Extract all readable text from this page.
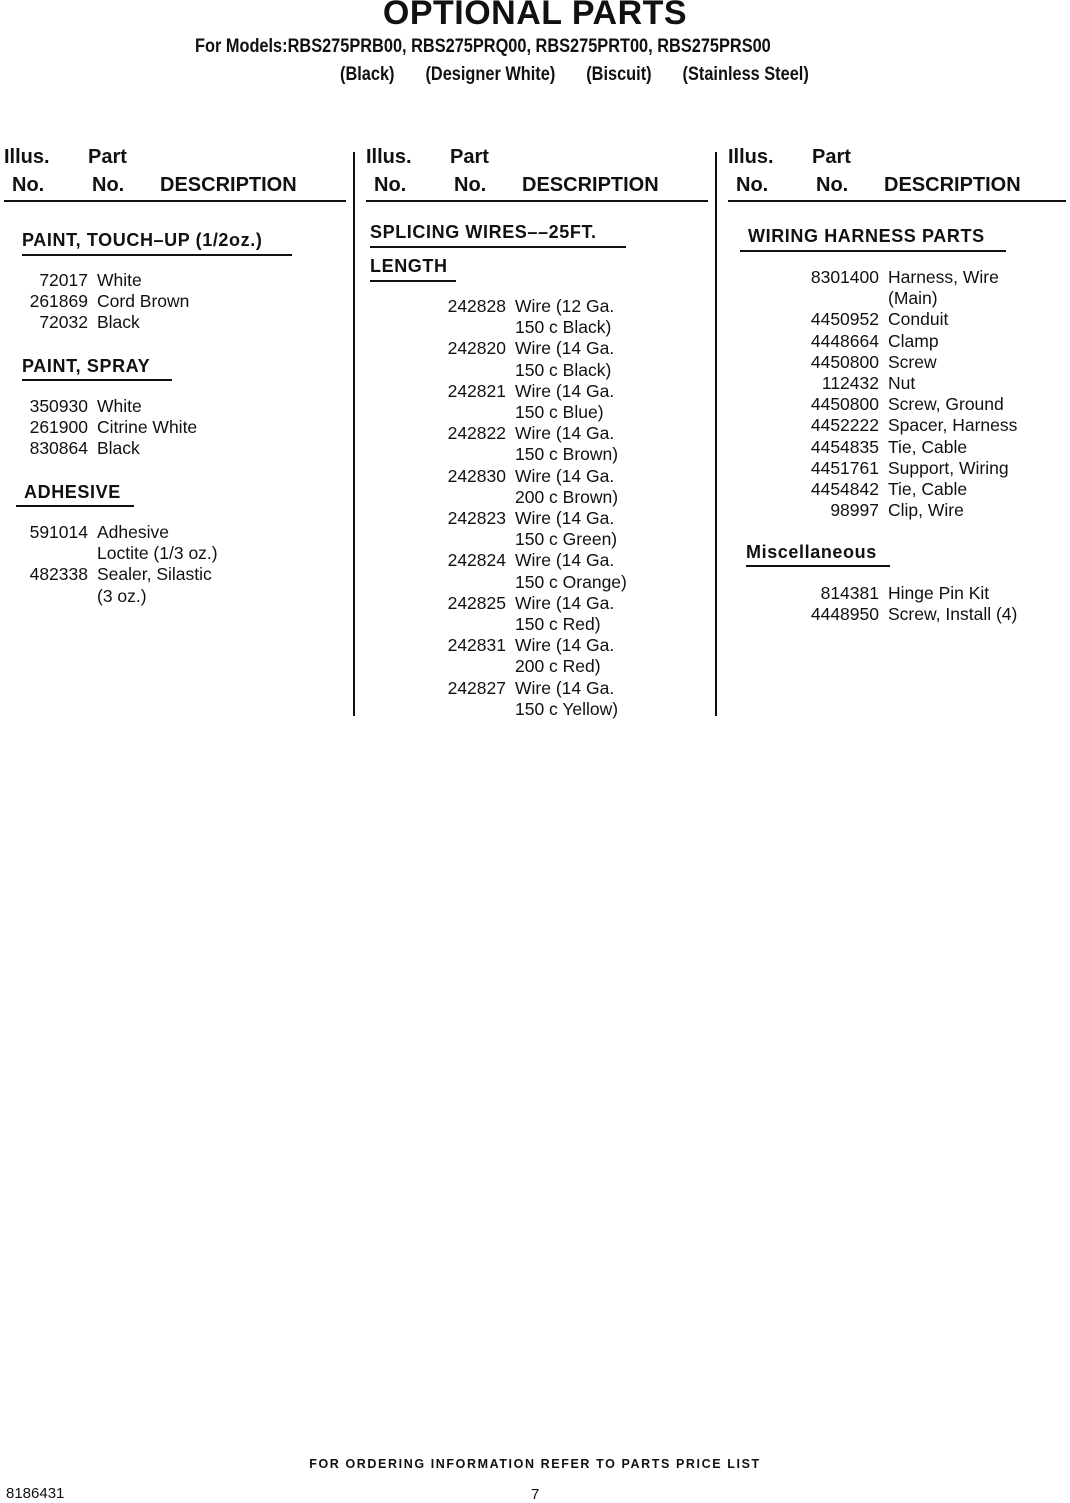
OPTIONAL PARTS
For Models:RBS275PRB00, RBS275PRQ00, RBS275PRT00, RBS275PRS00
(Black) (Designer White) (Biscuit) (Stainless Steel)
Illus.
No.
Part
No. DESCRIPTION
PAINT, TOUCH–UP (1/2oz.)
72017 White
261869 Cord Brown
72032 Black
PAINT, SPRAY
350930 White
261900 Citrine White
830864 Black
ADHESIVE
591014 Adhesive
Loctite (1/3 oz.)
482338 Sealer, Silastic
(3 oz.)
Illus.
No.
Part
No. DESCRIPTION
SPLICING WIRES––25FT.
LENGTH
242828 Wire (12 Ga.
150 c Black)
242820 Wire (14 Ga.
150 c Black)
242821 Wire (14 Ga.
150 c Blue)
242822 Wire (14 Ga.
150 c Brown)
242830 Wire (14 Ga.
200 c Brown)
242823 Wire (14 Ga.
150 c Green)
242824 Wire (14 Ga.
150 c Orange)
242825 Wire (14 Ga.
150 c Red)
242831 Wire (14 Ga.
200 c Red)
242827 Wire (14 Ga.
150 c Yellow)
Illus.
No.
Part
No. DESCRIPTION
WIRING HARNESS PARTS
8301400 Harness, Wire
(Main)
4450952 Conduit
4448664 Clamp
4450800 Screw
112432 Nut
4450800 Screw, Ground
4452222 Spacer, Harness
4454835 Tie, Cable
4451761 Support, Wiring
4454842 Tie, Cable
98997 Clip, Wire
Miscellaneous
814381 Hinge Pin Kit
4448950 Screw, Install (4)
FOR ORDERING INFORMATION REFER TO PARTS PRICE LIST
8186431	7
